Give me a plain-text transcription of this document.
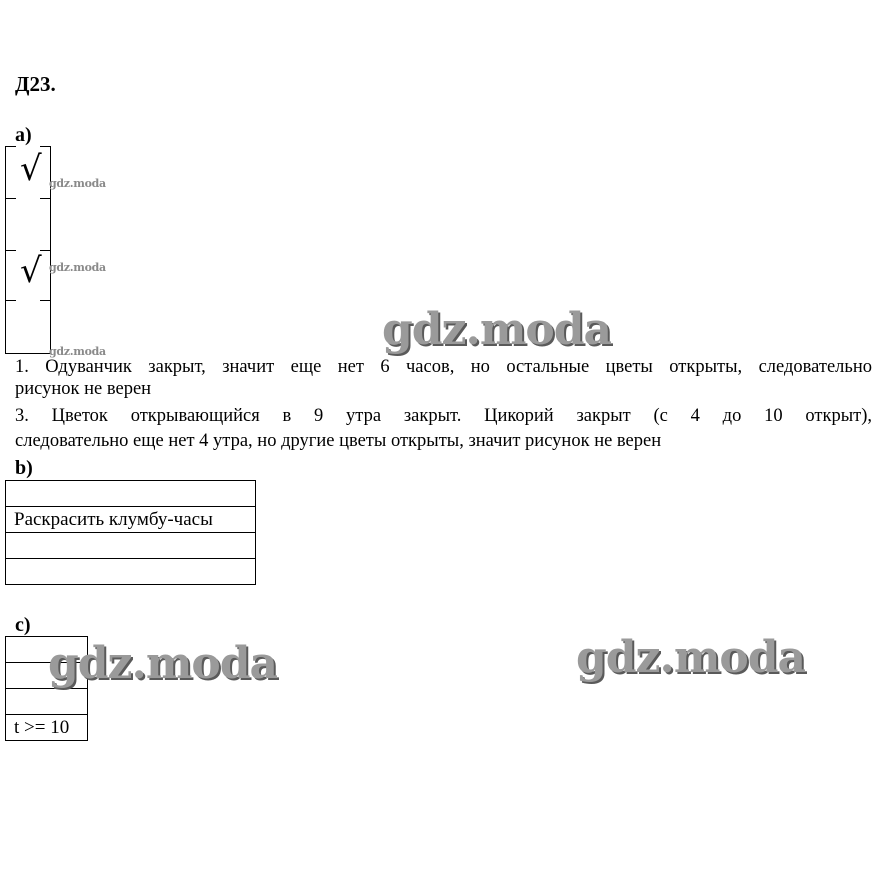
Д23.
а)
√
√
gdz.moda
gdz.moda
gdz.moda	gdz.moda
1. Одуванчик закрыт, значит еще нет 6 часов, но остальные цветы открыты, следовательно
рисунок не верен
3. Цветок открывающийся в 9 утра закрыт. Цикорий закрыт (с 4 до 10 открыт),
следовательно еще нет 4 утра, но другие цветы открыты, значит рисунок не верен
b)

Раскрасить клумбу-часы

c)

t >= 10
gdz.moda	gdz.moda
